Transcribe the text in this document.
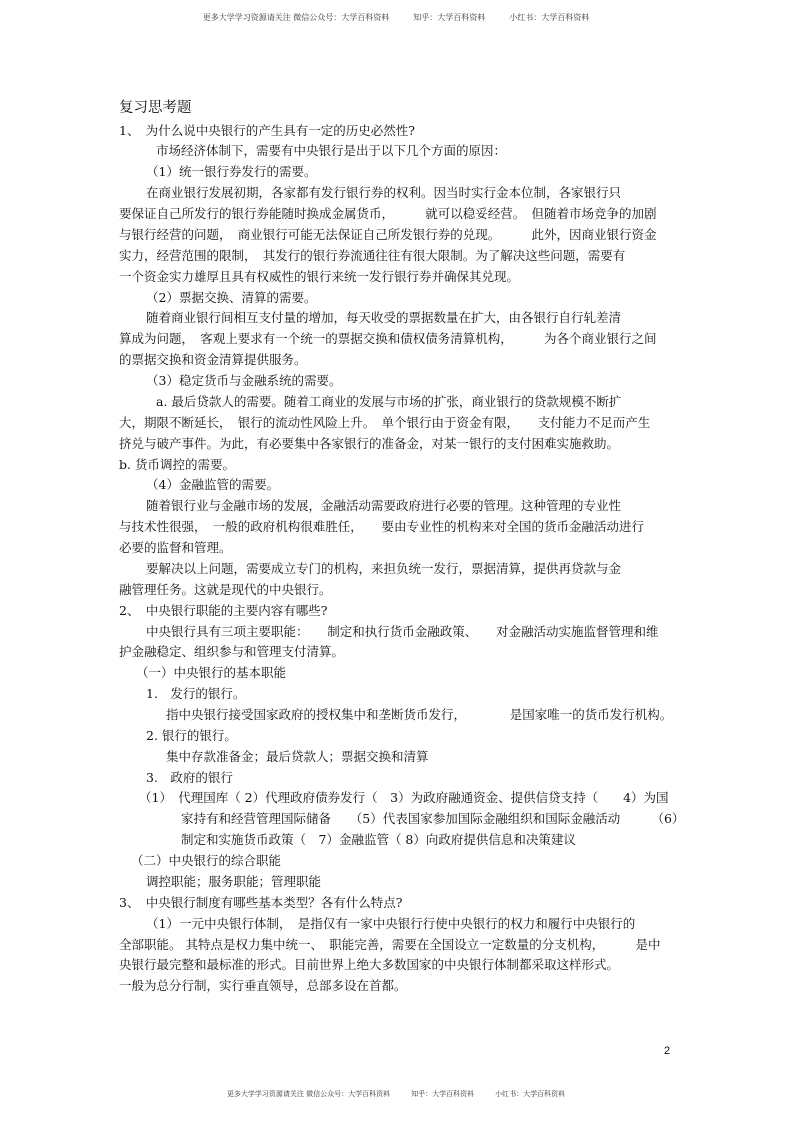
更多大学学习资源请关注 微信公众号：大学百科资料　　　知乎：大学百科资料　　　小红书：大学百科资料
复习思考题
1、　为什么说中央银行的产生具有一定的历史必然性?
市场经济体制下，需要有中央银行是出于以下几个方面的原因：
（1）统一银行券发行的需要。
在商业银行发展初期，各家都有发行银行券的权利。因当时实行金本位制，各家银行只
要保证自己所发行的银行券能随时换成金属货币，　　　就可以稳妥经营。　但随着市场竞争的加剧
与银行经营的问题，　商业银行可能无法保证自己所发银行券的兑现。　　　此外，因商业银行资金
实力，经营范围的限制，　其发行的银行券流通往往有很大限制。为了解决这些问题，需要有
一个资金实力雄厚且具有权威性的银行来统一发行银行券并确保其兑现。
（2）票据交换、清算的需要。
随着商业银行间相互支付量的增加，每天收受的票据数量在扩大，由各银行自行轧差清
算成为问题，　客观上要求有一个统一的票据交换和债权债务清算机构，　　　为各个商业银行之间
的票据交换和资金清算提供服务。
（3）稳定货币与金融系统的需要。
a. 最后贷款人的需要。随着工商业的发展与市场的扩张，商业银行的贷款规模不断扩
大，期限不断延长，　银行的流动性风险上升。　单个银行由于资金有限，　　支付能力不足而产生
挤兑与破产事件。为此，有必要集中各家银行的准备金，对某一银行的支付困难实施救助。
b. 货币调控的需要。
（4）金融监管的需要。
随着银行业与金融市场的发展，金融活动需要政府进行必要的管理。这种管理的专业性
与技术性很强，　一般的政府机构很难胜任，　　要由专业性的机构来对全国的货币金融活动进行
必要的监督和管理。
要解决以上问题，需要成立专门的机构，来担负统一发行，票据清算，提供再贷款与金
融管理任务。这就是现代的中央银行。
2、　中央银行职能的主要内容有哪些?
中央银行具有三项主要职能：　　制定和执行货币金融政策、　　对金融活动实施监督管理和维
护金融稳定、组织参与和管理支付清算。
（一）中央银行的基本职能
1.　发行的银行。
指中央银行接受国家政府的授权集中和垄断货币发行，　　　　是国家唯一的货币发行机构。
2. 银行的银行。
集中存款准备金；最后贷款人；票据交换和清算
3.　政府的银行
（1）　代理国库（ 2）代理政府债券发行（　3）为政府融通资金、提供信贷支持（　　4）为国
家持有和经营管理国际储备　　（5）代表国家参加国际金融组织和国际金融活动　　　（6）
制定和实施货币政策（　7）金融监管（ 8）向政府提供信息和决策建议
（二）中央银行的综合职能
调控职能；服务职能；管理职能
3、　中央银行制度有哪些基本类型？各有什么特点?
（1）一元中央银行体制，　是指仅有一家中央银行行使中央银行的权力和履行中央银行的
全部职能。 其特点是权力集中统一、　职能完善，需要在全国设立一定数量的分支机构，　　　是中
央银行最完整和最标准的形式。目前世界上绝大多数国家的中央银行体制都采取这样形式。
一般为总分行制，实行垂直领导，总部多设在首都。
2
更多大学学习资源请关注 微信公众号：大学百科资料　　　知乎：大学百科资料　　　小红书：大学百科资料
